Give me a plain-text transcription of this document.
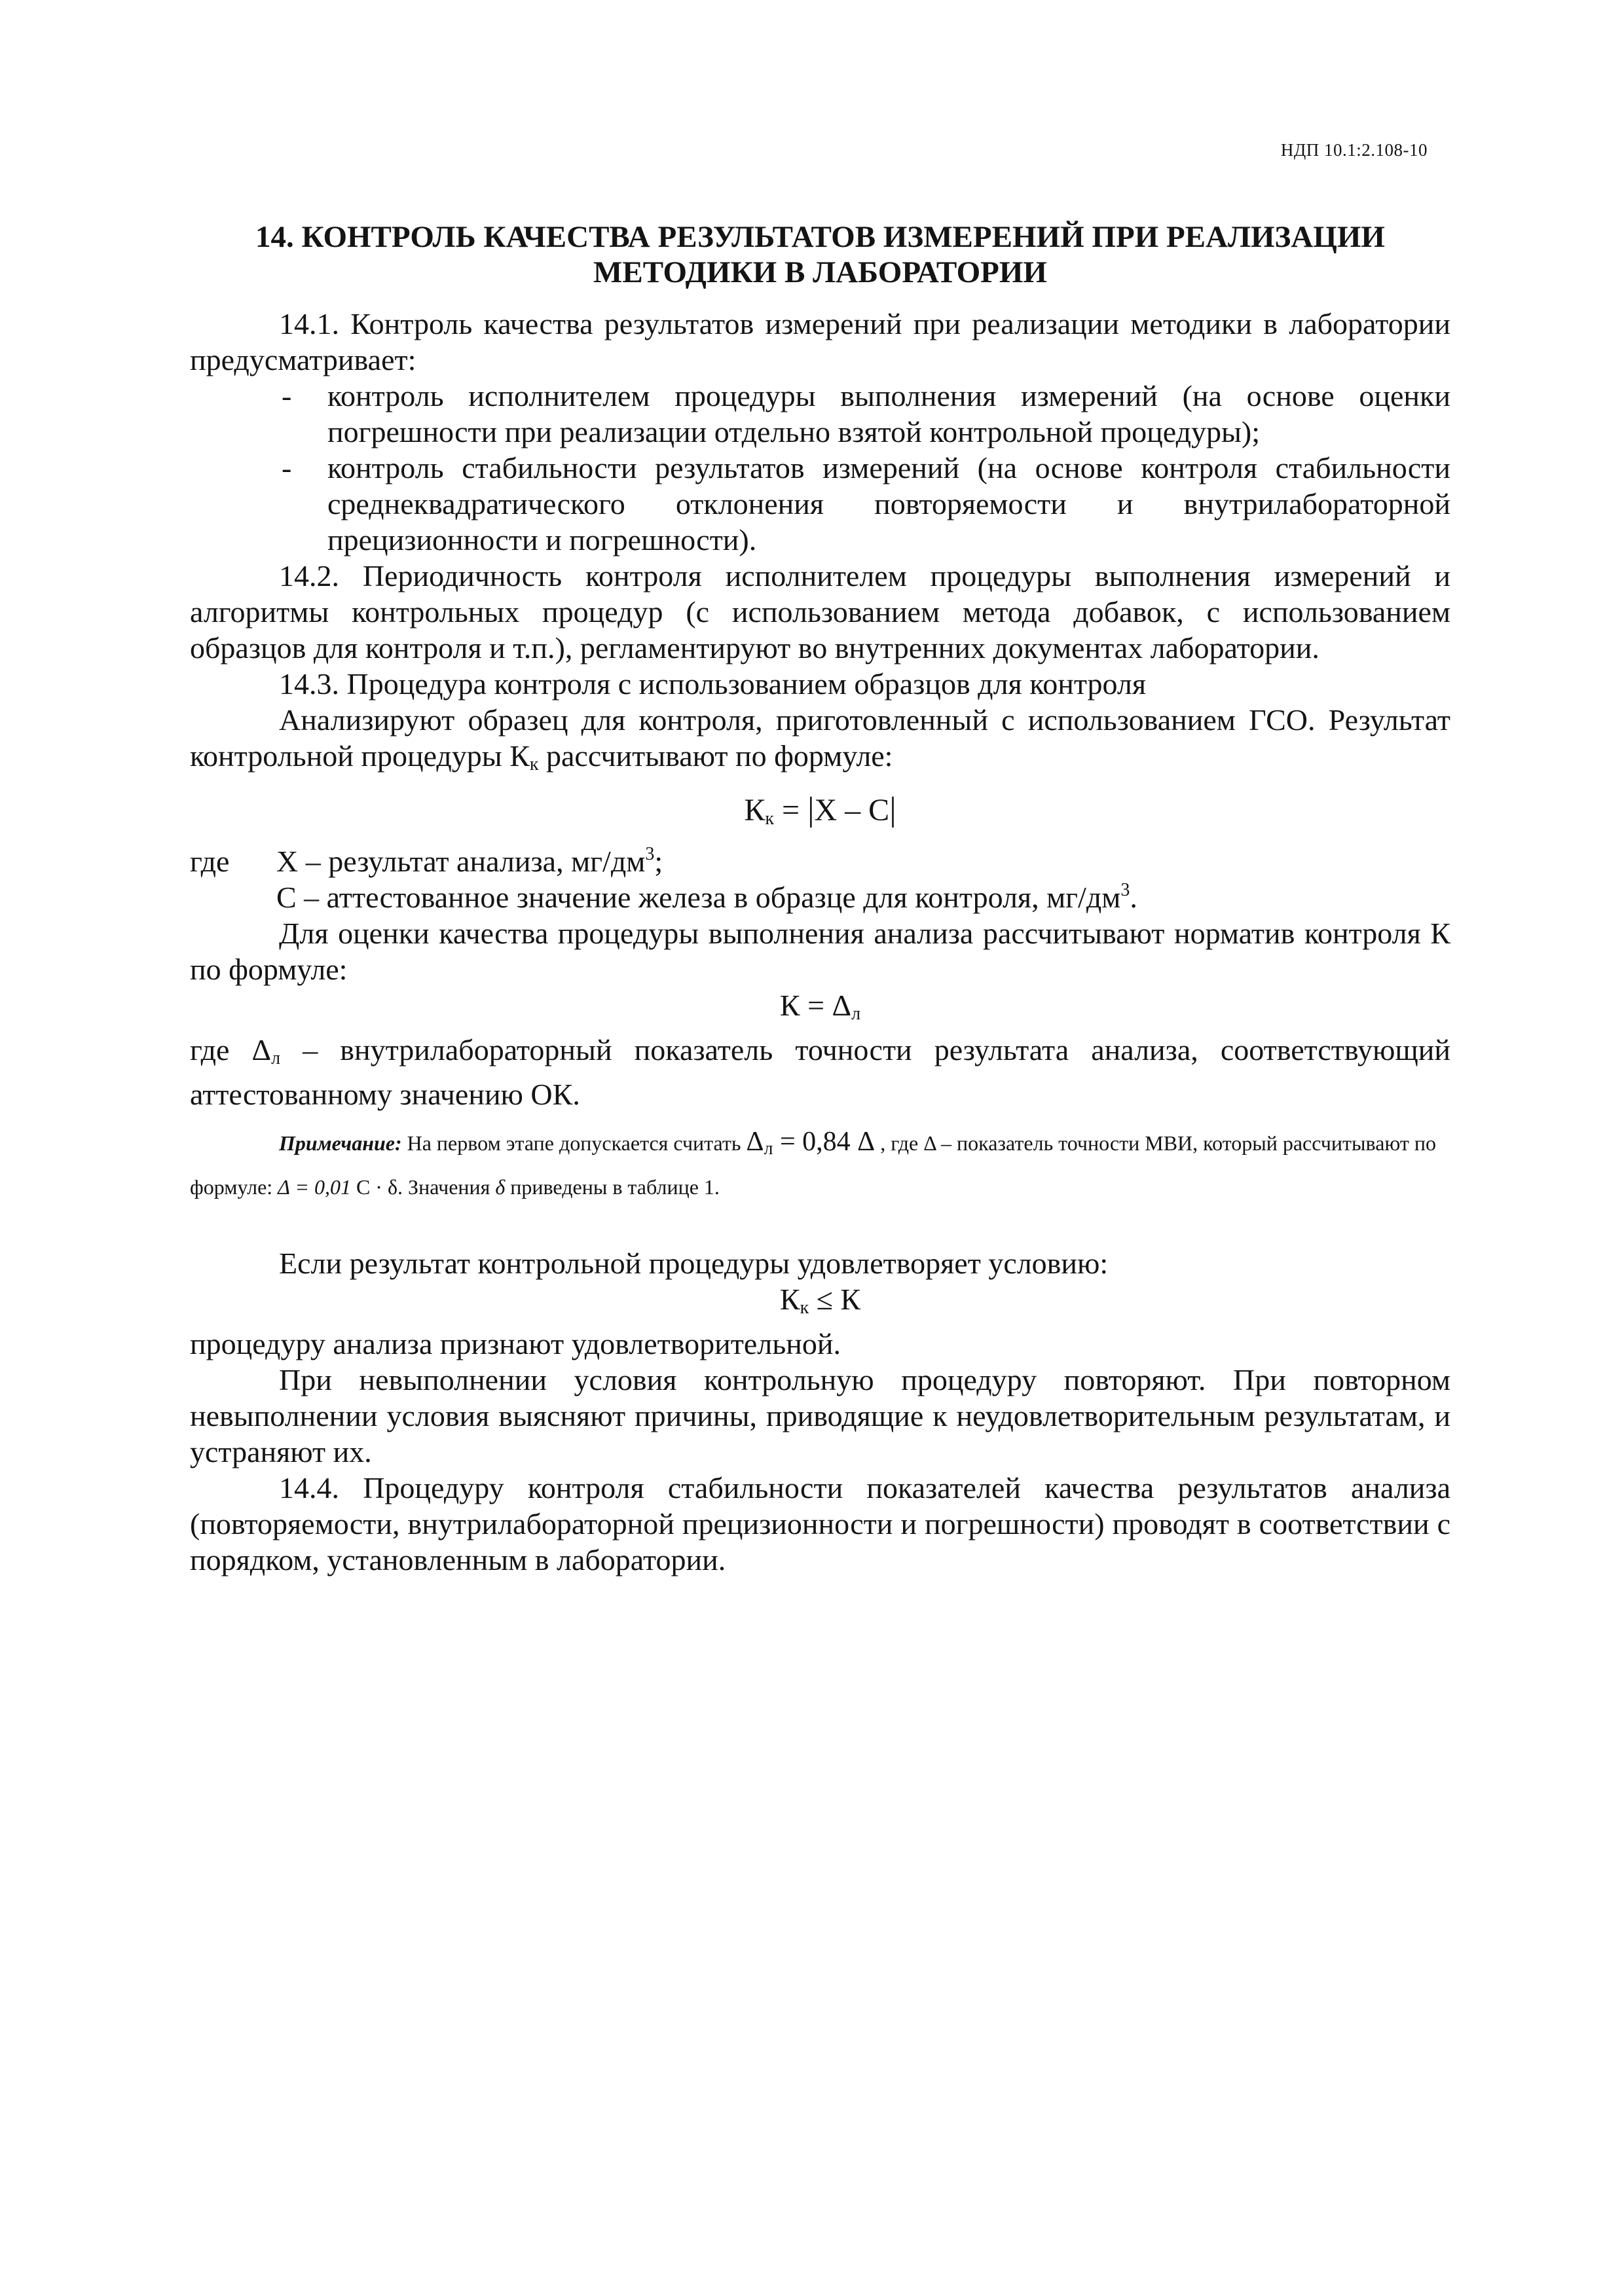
НДП 10.1:2.108-10
14. КОНТРОЛЬ КАЧЕСТВА РЕЗУЛЬТАТОВ ИЗМЕРЕНИЙ ПРИ РЕАЛИЗАЦИИ
МЕТОДИКИ В ЛАБОРАТОРИИ

14.1. Контроль качества результатов измерений при реализации методики в лаборатории предусматривает:

- контроль исполнителем процедуры выполнения измерений (на основе оценки погрешности при реализации отдельно взятой контрольной процедуры);
- контроль стабильности результатов измерений (на основе контроля стабильности среднеквадратического отклонения повторяемости и внутрилабораторной прецизионности и погрешности).

14.2. Периодичность контроля исполнителем процедуры выполнения измерений и алгоритмы контрольных процедур (с использованием метода добавок, с использованием образцов для контроля и т.п.), регламентируют во внутренних документах лаборатории.

14.3. Процедура контроля с использованием образцов для контроля

Анализируют образец для контроля, приготовленный с использованием ГСО. Результат контрольной процедуры $К_к$ рассчитывают по формуле:

$К_к = |Х - С|$

где	Х – результат анализа, $мг/дм^3$;
С – аттестованное значение железа в образце для контроля, $мг/дм^3$.

Для оценки качества процедуры выполнения анализа рассчитывают норматив контроля К по формуле:

$К = \Delta_л$

где $\Delta_л$ – внутрилабораторный показатель точности результата анализа, соответствующий аттестованному значению ОК.

Примечание: На первом этапе допускается считать $\Delta_л = 0,84$ Δ , где Δ – показатель точности МВИ, который рассчитывают по формуле: Δ = 0,01 С · δ. Значения δ приведены в таблице 1.

Если результат контрольной процедуры удовлетворяет условию:

$К_к \le К$

процедуру анализа признают удовлетворительной.

При невыполнении условия контрольную процедуру повторяют. При повторном невыполнении условия выясняют причины, приводящие к неудовлетворительным результатам, и устраняют их.

14.4. Процедуру контроля стабильности показателей качества результатов анализа (повторяемости, внутрилабораторной прецизионности и погрешности) проводят в соответствии с порядком, установленным в лаборатории.
